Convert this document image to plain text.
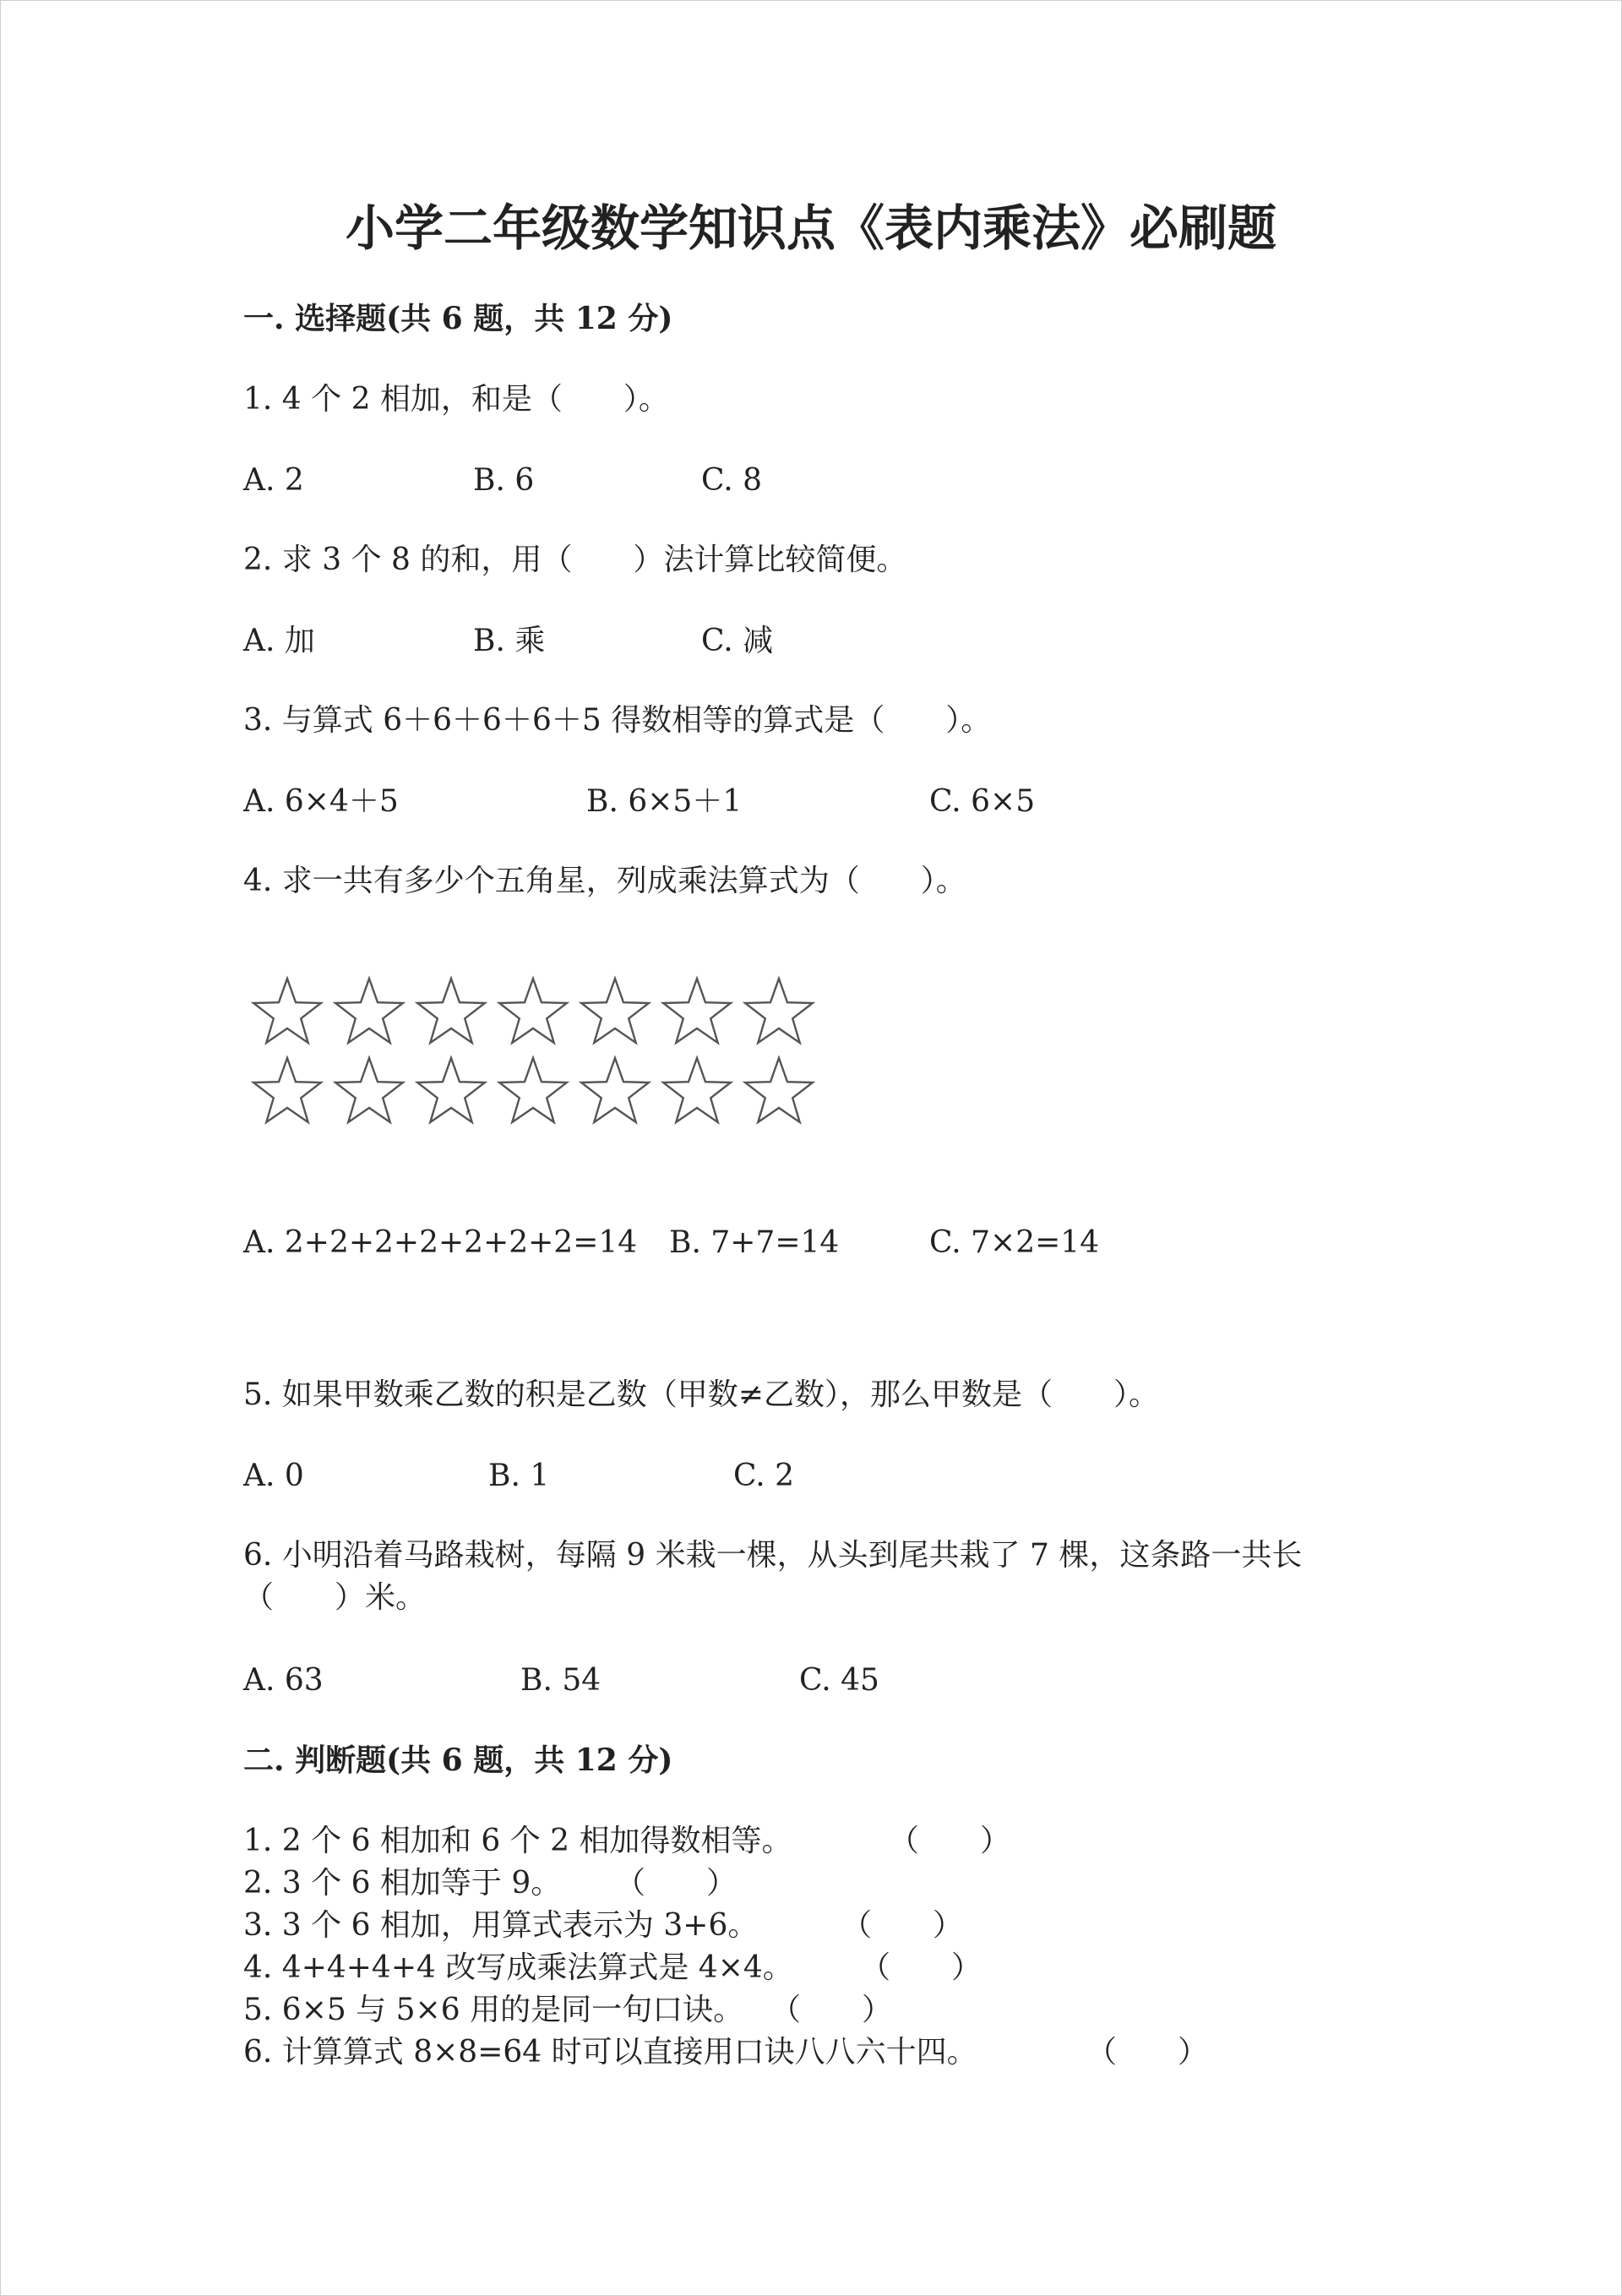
小学二年级数学知识点《表内乘法》必刷题
一. 选择题(共 6 题，共 12 分)
1. 4 个 2 相加，和是（　　）。
A. 2	B. 6	C. 8
2. 求 3 个 8 的和，用（　　）法计算比较简便。
A. 加	B. 乘	C. 减
3. 与算式 6＋6＋6＋6＋5 得数相等的算式是（　　）。
A. 6×4＋5	B. 6×5＋1	C. 6×5
4. 求一共有多少个五角星，列成乘法算式为（　　）。
A. 2+2+2+2+2+2+2=14 B. 7+7=14	C. 7×2=14
5. 如果甲数乘乙数的积是乙数（甲数≠乙数），那么甲数是（　　）。
A. 0	B. 1	C. 2
6. 小明沿着马路栽树，每隔 9 米栽一棵，从头到尾共栽了 7 棵，这条路一共长
（　　）米。
A. 63	B. 54	C. 45
二. 判断题(共 6 题，共 12 分)
1. 2 个 6 相加和 6 个 2 相加得数相等。	（　　）
2. 3 个 6 相加等于 9。 （　　）
3. 3 个 6 相加，用算式表示为 3+6。	（　　）
4. 4+4+4+4 改写成乘法算式是 4×4。 （　　）
5. 6×5 与 5×6 用的是同一句口诀。 （　　）
6. 计算算式 8×8=64 时可以直接用口诀八八六十四。	（　　）
